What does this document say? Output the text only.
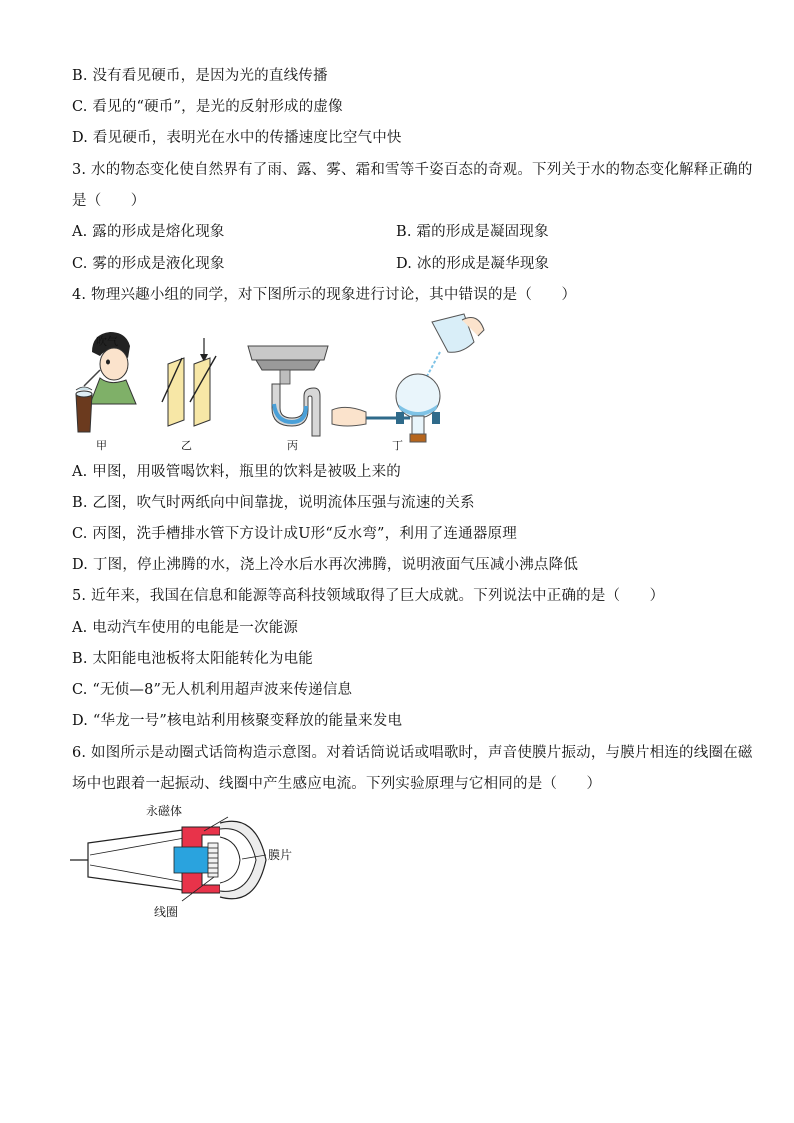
B. 没有看见硬币，是因为光的直线传播
C. 看见的“硬币”，是光的反射形成的虚像
D. 看见硬币，表明光在水中的传播速度比空气中快
3. 水的物态变化使自然界有了雨、露、雾、霜和雪等千姿百态的奇观。下列关于水的物态变化解释正确的
是（　　）
A. 露的形成是熔化现象	B. 霜的形成是凝固现象
C. 雾的形成是液化现象	D. 冰的形成是凝华现象
4. 物理兴趣小组的同学，对下图所示的现象进行讨论，其中错误的是（　　）
吹气
甲	乙	丙	丁
A. 甲图，用吸管喝饮料，瓶里的饮料是被吸上来的
B. 乙图，吹气时两纸向中间靠拢，说明流体压强与流速的关系
C. 丙图，洗手槽排水管下方设计成U形“反水弯”，利用了连通器原理
D. 丁图，停止沸腾的水，浇上冷水后水再次沸腾，说明液面气压减小沸点降低
5. 近年来，我国在信息和能源等高科技领域取得了巨大成就。下列说法中正确的是（　　）
A. 电动汽车使用的电能是一次能源
B. 太阳能电池板将太阳能转化为电能
C. “无侦—8”无人机利用超声波来传递信息
D. “华龙一号”核电站利用核聚变释放的能量来发电
6. 如图所示是动圈式话筒构造示意图。对着话筒说话或唱歌时，声音使膜片振动，与膜片相连的线圈在磁
场中也跟着一起振动、线圈中产生感应电流。下列实验原理与它相同的是（　　）
永磁体
膜片
线圈
